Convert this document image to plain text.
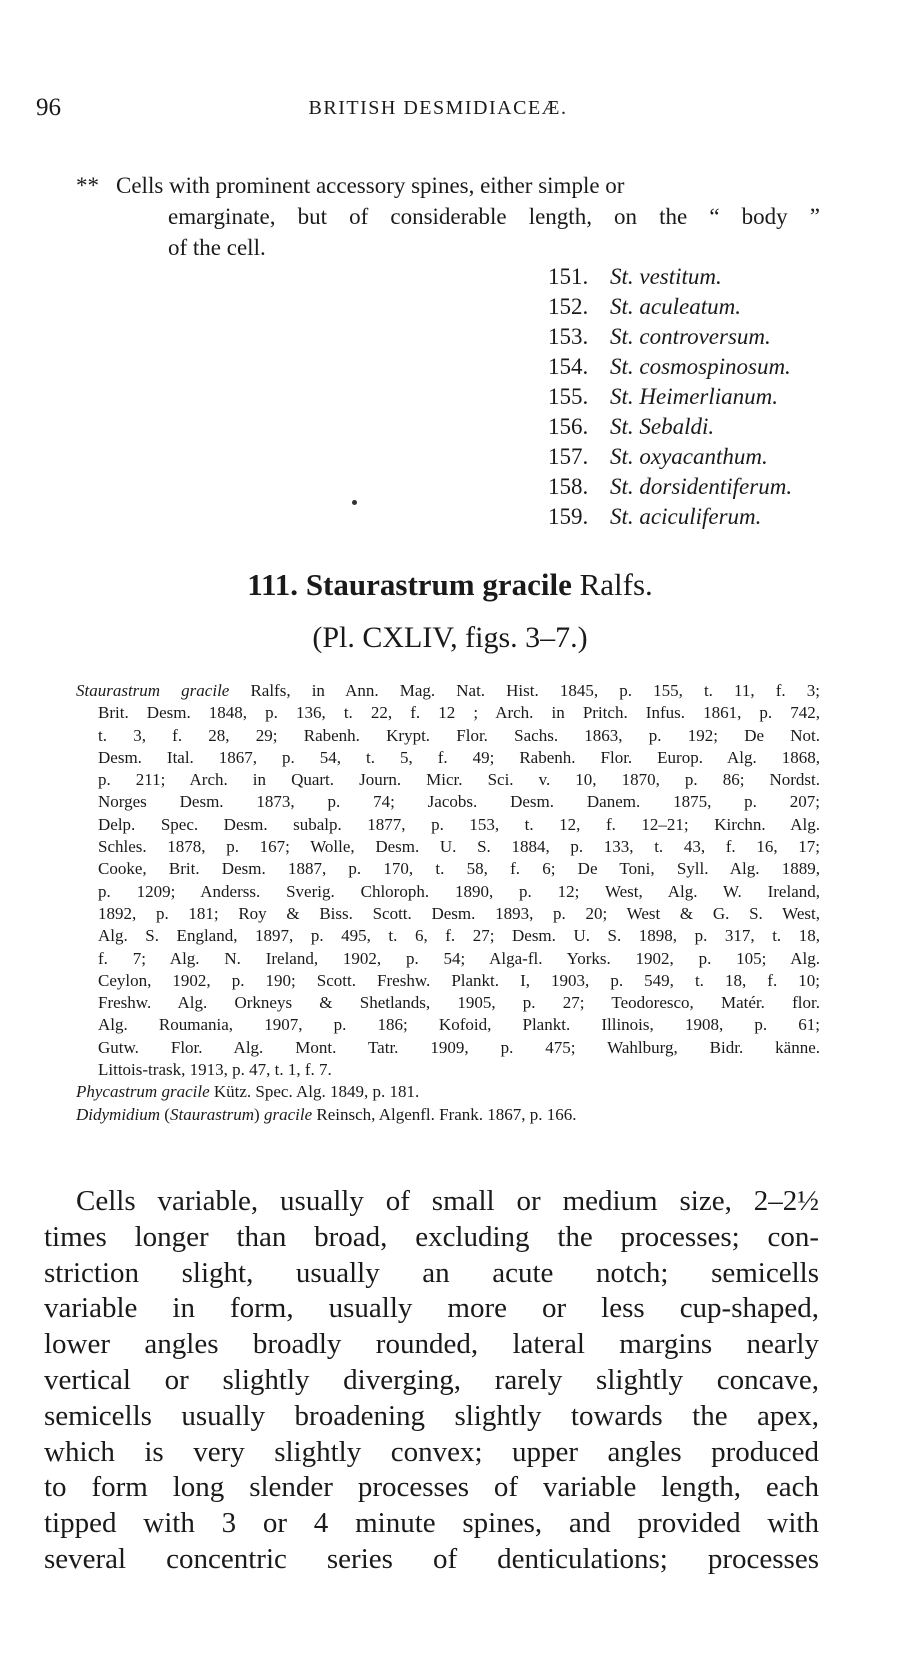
96	BRITISH DESMIDIACEÆ.
** Cells with prominent accessory spines, either simple or
emarginate, but of considerable length, on the “ body ”
of the cell.
151. St. vestitum.
152. St. aculeatum.
153. St. controversum.
154. St. cosmospinosum.
155. St. Heimerlianum.
156. St. Sebaldi.
157. St. oxyacanthum.
158. St. dorsidentiferum.
159. St. aciculiferum.
111. Staurastrum gracile Ralfs.
(Pl. CXLIV, figs. 3–7.)
Staurastrum gracile Ralfs, in Ann. Mag. Nat. Hist. 1845, p. 155, t. 11, f. 3;
Brit. Desm. 1848, p. 136, t. 22, f. 12 ; Arch. in Pritch. Infus. 1861, p. 742,
t. 3, f. 28, 29; Rabenh. Krypt. Flor. Sachs. 1863, p. 192; De Not.
Desm. Ital. 1867, p. 54, t. 5, f. 49; Rabenh. Flor. Europ. Alg. 1868,
p. 211; Arch. in Quart. Journ. Micr. Sci. v. 10, 1870, p. 86; Nordst.
Norges Desm. 1873, p. 74; Jacobs. Desm. Danem. 1875, p. 207;
Delp. Spec. Desm. subalp. 1877, p. 153, t. 12, f. 12–21; Kirchn. Alg.
Schles. 1878, p. 167; Wolle, Desm. U. S. 1884, p. 133, t. 43, f. 16, 17;
Cooke, Brit. Desm. 1887, p. 170, t. 58, f. 6; De Toni, Syll. Alg. 1889,
p. 1209; Anderss. Sverig. Chloroph. 1890, p. 12; West, Alg. W. Ireland,
1892, p. 181; Roy & Biss. Scott. Desm. 1893, p. 20; West & G. S. West,
Alg. S. England, 1897, p. 495, t. 6, f. 27; Desm. U. S. 1898, p. 317, t. 18,
f. 7; Alg. N. Ireland, 1902, p. 54; Alga-fl. Yorks. 1902, p. 105; Alg.
Ceylon, 1902, p. 190; Scott. Freshw. Plankt. I, 1903, p. 549, t. 18, f. 10;
Freshw. Alg. Orkneys & Shetlands, 1905, p. 27; Teodoresco, Matér. flor.
Alg. Roumania, 1907, p. 186; Kofoid, Plankt. Illinois, 1908, p. 61;
Gutw. Flor. Alg. Mont. Tatr. 1909, p. 475; Wahlburg, Bidr. känne.
Littois-trask, 1913, p. 47, t. 1, f. 7.
Phycastrum gracile Kütz. Spec. Alg. 1849, p. 181.
Didymidium (Staurastrum) gracile Reinsch, Algenfl. Frank. 1867, p. 166.
Cells variable, usually of small or medium size, 2–2½
times longer than broad, excluding the processes; con-
striction slight, usually an acute notch; semicells
variable in form, usually more or less cup-shaped,
lower angles broadly rounded, lateral margins nearly
vertical or slightly diverging, rarely slightly concave,
semicells usually broadening slightly towards the apex,
which is very slightly convex; upper angles produced
to form long slender processes of variable length, each
tipped with 3 or 4 minute spines, and provided with
several concentric series of denticulations; processes
